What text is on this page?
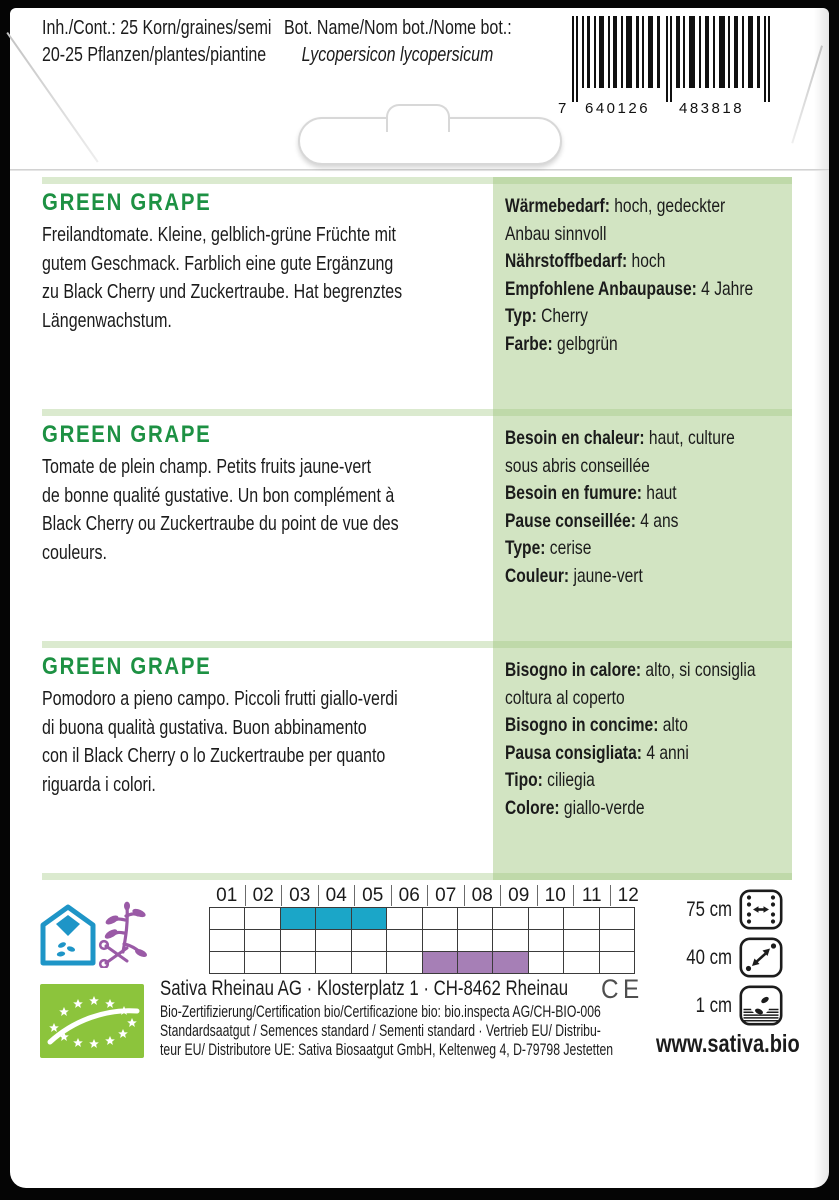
Inh./Cont.: 25 Korn/graines/semi
20-25 Pflanzen/plantes/piantine
Bot. Name/Nom bot./Nome bot.:
Lycopersicon lycopersicum
7 640126 483818
GREEN GRAPE
Freilandtomate. Kleine, gelblich-grüne Früchte mit
gutem Geschmack. Farblich eine gute Ergänzung
zu Black Cherry und Zuckertraube. Hat begrenztes
Längenwachstum.
Wärmebedarf: hoch, gedeckter
Anbau sinnvoll
Nährstoffbedarf: hoch
Empfohlene Anbaupause: 4 Jahre
Typ: Cherry
Farbe: gelbgrün
GREEN GRAPE
Tomate de plein champ. Petits fruits jaune-vert
de bonne qualité gustative. Un bon complément à
Black Cherry ou Zuckertraube du point de vue des
couleurs.
Besoin en chaleur: haut, culture
sous abris conseillée
Besoin en fumure: haut
Pause conseillée: 4 ans
Type: cerise
Couleur: jaune-vert
GREEN GRAPE
Pomodoro a pieno campo. Piccoli frutti giallo-verdi
di buona qualità gustativa. Buon abbinamento
con il Black Cherry o lo Zuckertraube per quanto
riguarda i colori.
Bisogno in calore: alto, si consiglia
coltura al coperto
Bisogno in concime: alto
Pausa consigliata: 4 anni
Tipo: ciliegia
Colore: giallo-verde
01 02 03 04 05 06 07 08 09 10 11 12
75 cm
40 cm
1 cm
Sativa Rheinau AG · Klosterplatz 1 · CH-8462 Rheinau CE
Bio-Zertifizierung/Certification bio/Certificazione bio: bio.inspecta AG/CH-BIO-006
Standardsaatgut / Semences standard / Sementi standard · Vertrieb EU/ Distribu-
teur EU/ Distributore UE: Sativa Biosaatgut GmbH, Keltenweg 4, D-79798 Jestetten www.sativa.bio
